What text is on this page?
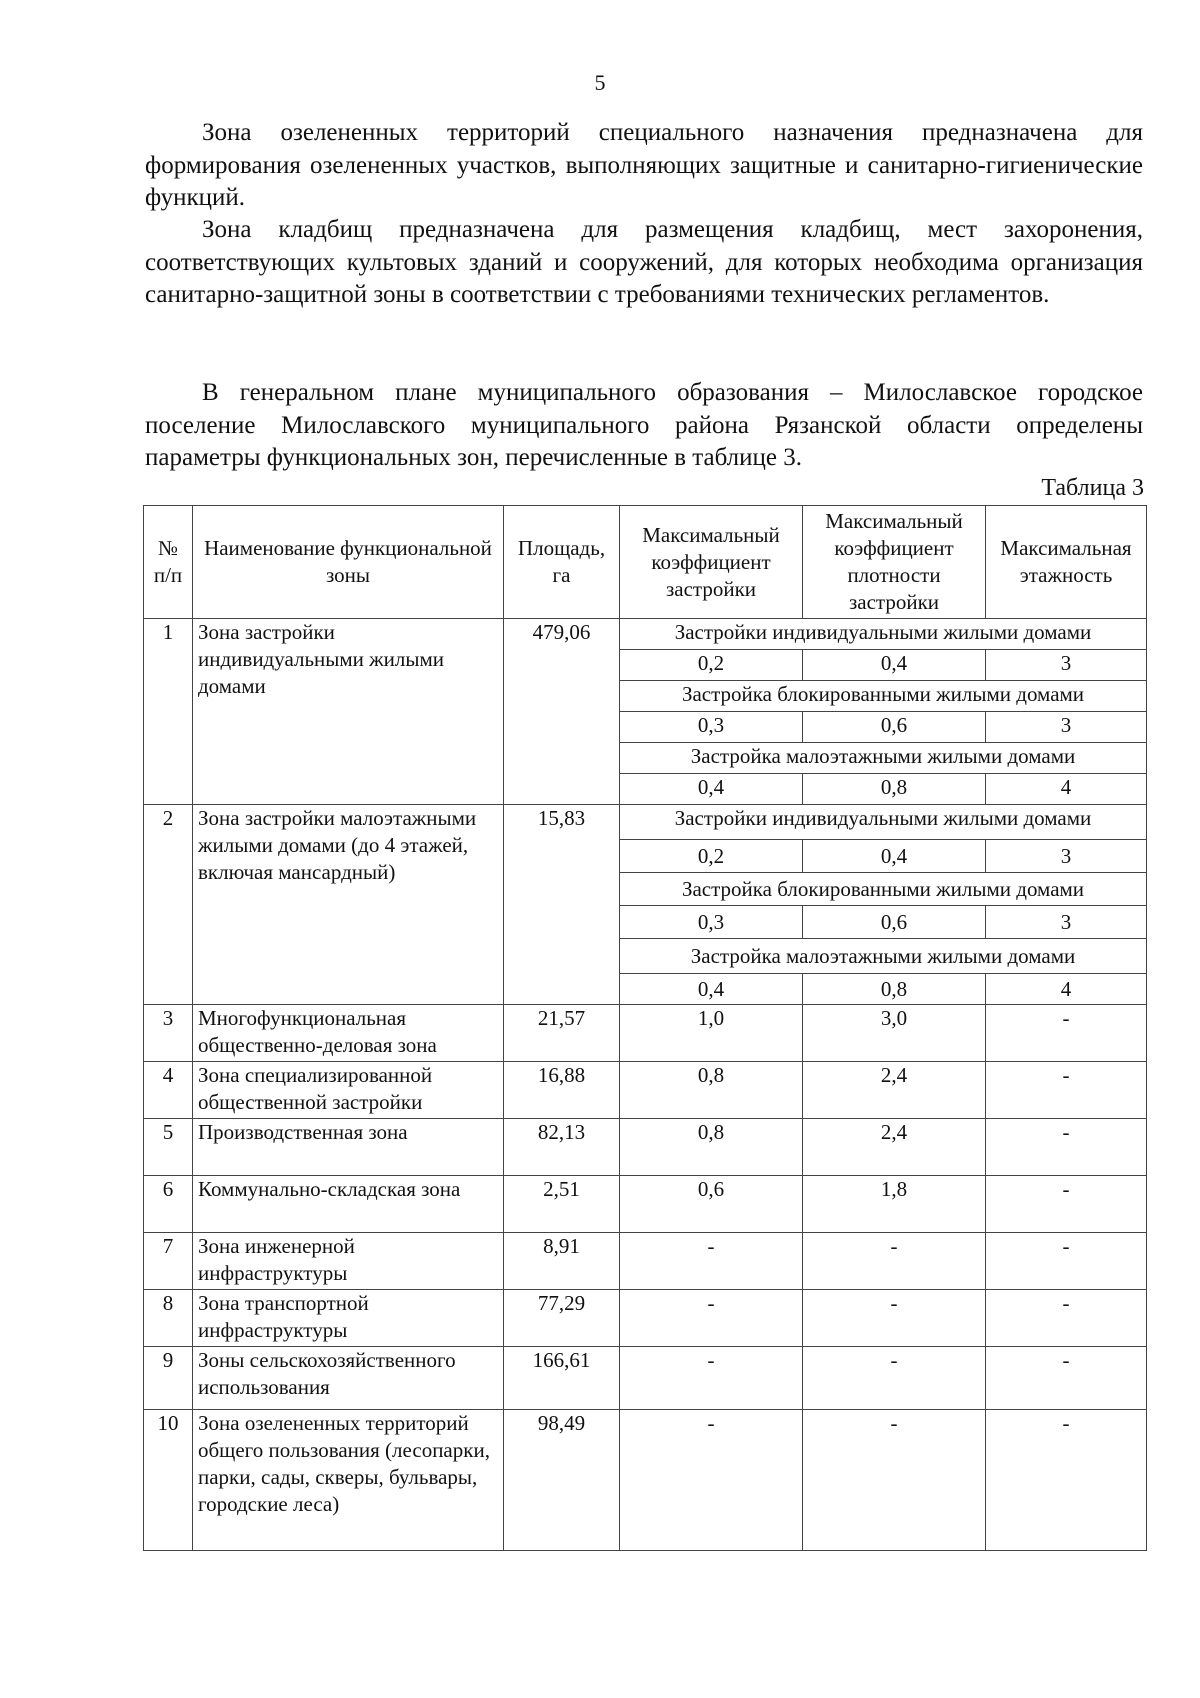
5

Зона озелененных территорий специального назначения предназначена для формирования озелененных участков, выполняющих защитные и санитарно-гигиенические функций.

Зона кладбищ предназначена для размещения кладбищ, мест захоронения, соответствующих культовых зданий и сооружений, для которых необходима организация санитарно-защитной зоны в соответствии с требованиями технических регламентов.

В генеральном плане муниципального образования – Милославское городское поселение Милославского муниципального района Рязанской области определены параметры функциональных зон, перечисленные в таблице 3.

Таблица 3
№ п/п	Наименование функциональной зоны	Площадь, га	Максимальный коэффициент застройки	Максимальный коэффициент плотности застройки	Максимальная этажность
1	Зона застройки индивидуальными жилыми домами	479,06	Застройки индивидуальными жилыми домами		
			0,2	0,4	3
			Застройка блокированными жилыми домами		
			0,3	0,6	3
			Застройка малоэтажными жилыми домами		
			0,4	0,8	4
2	Зона застройки малоэтажными жилыми домами (до 4 этажей, включая мансардный)	15,83	Застройки индивидуальными жилыми домами		
			0,2	0,4	3
			Застройка блокированными жилыми домами		
			0,3	0,6	3
			Застройка малоэтажными жилыми домами		
			0,4	0,8	4
3	Многофункциональная общественно-деловая зона	21,57	1,0	3,0	-
4	Зона специализированной общественной застройки	16,88	0,8	2,4	-
5	Производственная зона	82,13	0,8	2,4	-
6	Коммунально-складская зона	2,51	0,6	1,8	-
7	Зона инженерной инфраструктуры	8,91	-	-	-
8	Зона транспортной инфраструктуры	77,29	-	-	-
9	Зоны сельскохозяйственного использования	166,61	-	-	-
10	Зона озелененных территорий общего пользования (лесопарки, парки, сады, скверы, бульвары, городские леса)	98,49	-	-	-
